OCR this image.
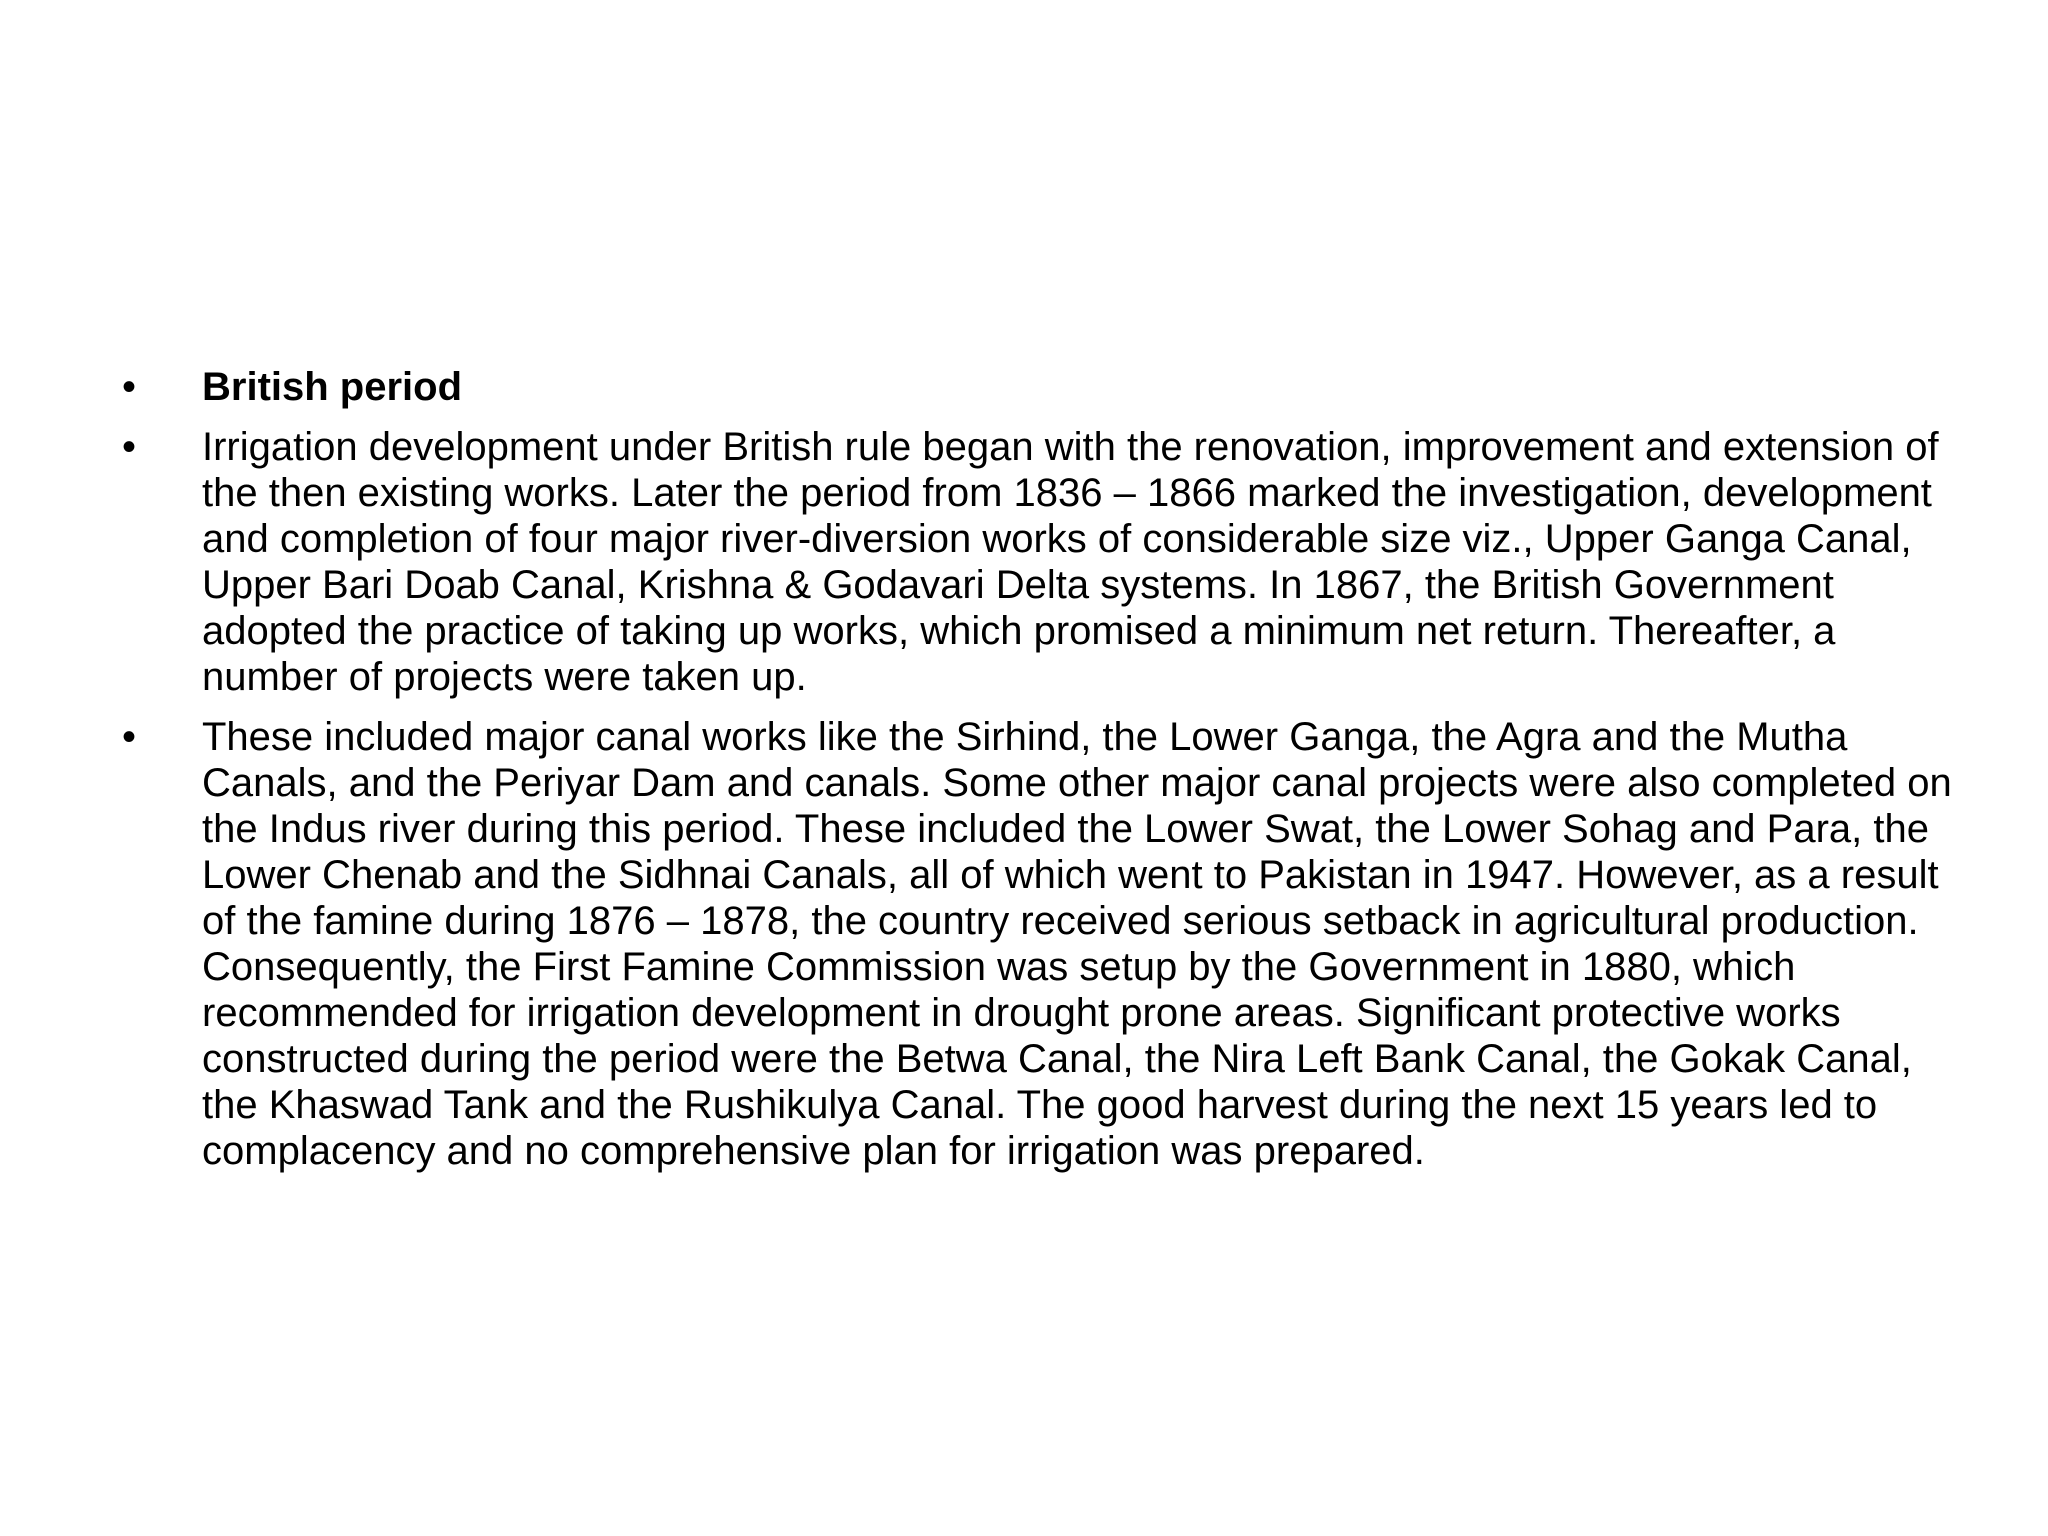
•	British period
•	Irrigation development under British rule began with the renovation, improvement and extension of the then existing works. Later the period from 1836 – 1866 marked the investigation, development and completion of four major river-diversion works of considerable size viz., Upper Ganga Canal, Upper Bari Doab Canal, Krishna & Godavari Delta systems. In 1867, the British Government adopted the practice of taking up works, which promised a minimum net return. Thereafter, a number of projects were taken up.
•	These included major canal works like the Sirhind, the Lower Ganga, the Agra and the Mutha Canals, and the Periyar Dam and canals. Some other major canal projects were also completed on the Indus river during this period. These included the Lower Swat, the Lower Sohag and Para, the Lower Chenab and the Sidhnai Canals, all of which went to Pakistan in 1947. However, as a result of the famine during 1876 – 1878, the country received serious setback in agricultural production. Consequently, the First Famine Commission was setup by the Government in 1880, which recommended for irrigation development in drought prone areas. Significant protective works constructed during the period were the Betwa Canal, the Nira Left Bank Canal, the Gokak Canal, the Khaswad Tank and the Rushikulya Canal. The good harvest during the next 15 years led to complacency and no comprehensive plan for irrigation was prepared.
